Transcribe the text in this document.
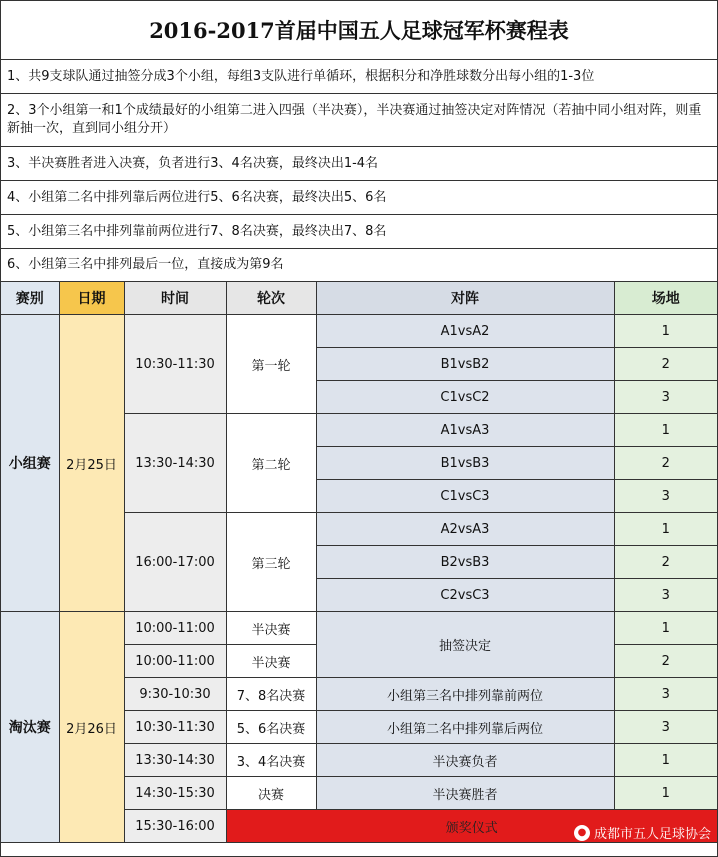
2016-2017首届中国五人足球冠军杯赛程表
1、共9支球队通过抽签分成3个小组，每组3支队进行单循环，根据积分和净胜球数分出每小组的1-3位
2、3个小组第一和1个成绩最好的小组第二进入四强（半决赛），半决赛通过抽签决定对阵情况（若抽中同小组对阵，则重新抽一次，直到同小组分开）
3、半决赛胜者进入决赛，负者进行3、4名决赛，最终决出1-4名
4、小组第二名中排列靠后两位进行5、6名决赛，最终决出5、6名
5、小组第三名中排列靠前两位进行7、8名决赛，最终决出7、8名
6、小组第三名中排列最后一位，直接成为第9名
赛别	日期	时间	轮次	对阵	场地
小组赛	2月25日	10:30-11:30	第一轮	A1vsA2	1
				B1vsB2	2
				C1vsC2	3
		13:30-14:30	第二轮	A1vsA3	1
				B1vsB3	2
				C1vsC3	3
		16:00-17:00	第三轮	A2vsA3	1
				B2vsB3	2
				C2vsC3	3
淘汰赛	2月26日	10:00-11:00	半决赛	抽签决定	1
		10:00-11:00	半决赛		2
		9:30-10:30	7、8名决赛	小组第三名中排列靠前两位	3
		10:30-11:30	5、6名决赛	小组第二名中排列靠后两位	3
		13:30-14:30	3、4名决赛	半决赛负者	1
		14:30-15:30	决赛	半决赛胜者	1
		15:30-16:00	颁奖仪式			● 成都市五人足球协会
